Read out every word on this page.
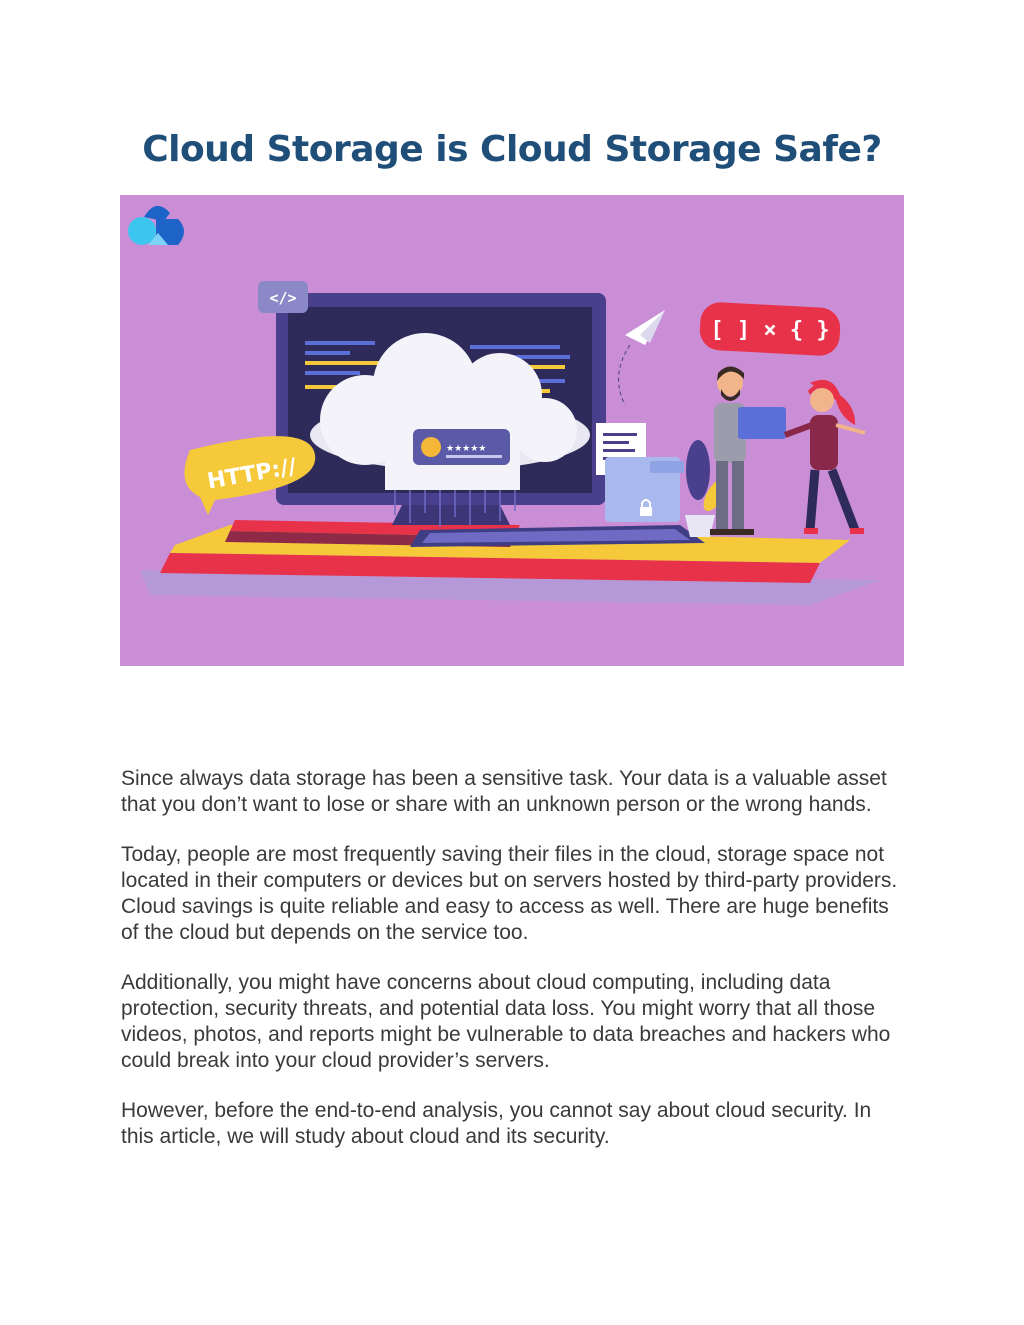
Cloud Storage is Cloud Storage Safe?
★★★★★
</>
HTTP://
[ ] × { }

Since always data storage has been a sensitive task. Your data is a valuable asset that you don’t want to lose or share with an unknown person or the wrong hands.

Today, people are most frequently saving their files in the cloud, storage space not located in their computers or devices but on servers hosted by third-party providers. Cloud savings is quite reliable and easy to access as well. There are huge benefits of the cloud but depends on the service too.

Additionally, you might have concerns about cloud computing, including data protection, security threats, and potential data loss. You might worry that all those videos, photos, and reports might be vulnerable to data breaches and hackers who could break into your cloud provider’s servers.

However, before the end-to-end analysis, you cannot say about cloud security. In this article, we will study about cloud and its security.
